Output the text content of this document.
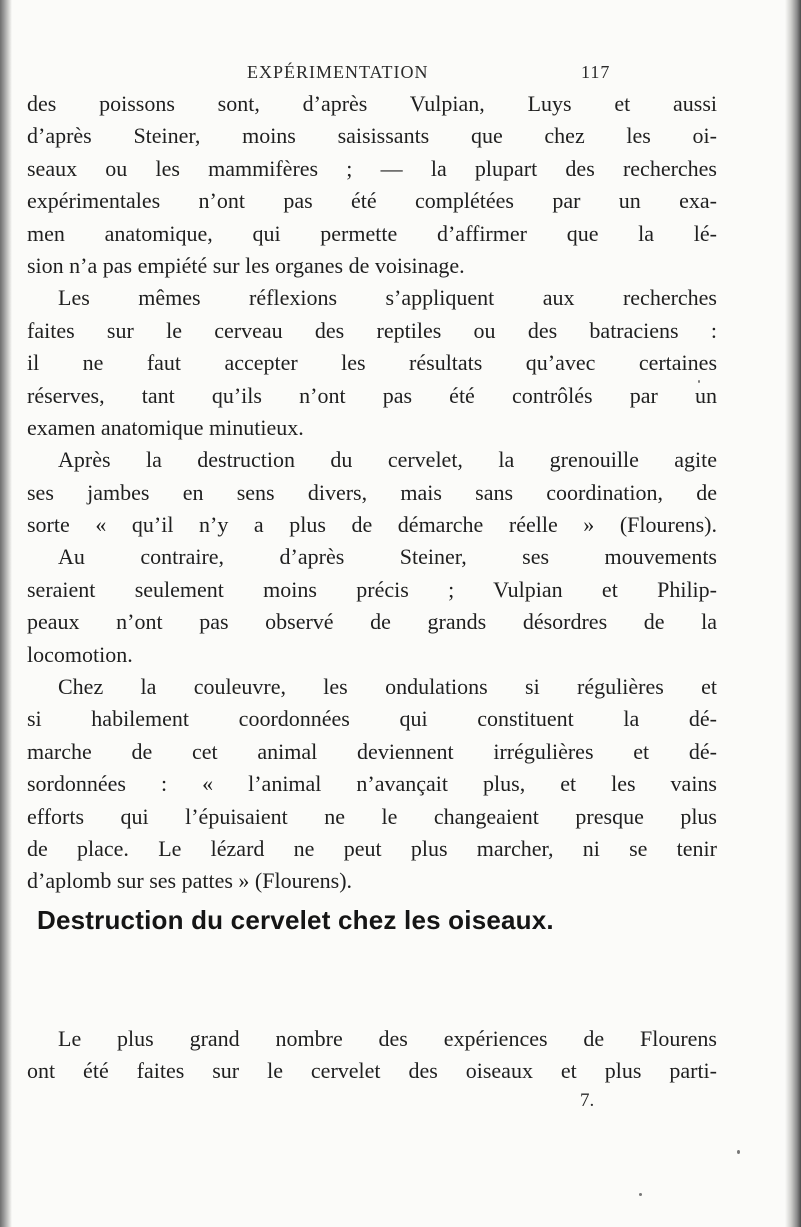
EXPÉRIMENTATION	117
des poissons sont, d’après Vulpian, Luys et aussi
d’après Steiner, moins saisissants que chez les oi-
seaux ou les mammifères ; — la plupart des recherches
expérimentales n’ont pas été complétées par un exa-
men anatomique, qui permette d’affirmer que la lé-
sion n’a pas empiété sur les organes de voisinage.
Les mêmes réflexions s’appliquent aux recherches
faites sur le cerveau des reptiles ou des batraciens :
il ne faut accepter les résultats qu’avec certaines
réserves, tant qu’ils n’ont pas été contrôlés par un
examen anatomique minutieux.
Après la destruction du cervelet, la grenouille agite
ses jambes en sens divers, mais sans coordination, de
sorte « qu’il n’y a plus de démarche réelle » (Flourens).
Au contraire, d’après Steiner, ses mouvements
seraient seulement moins précis ; Vulpian et Philip-
peaux n’ont pas observé de grands désordres de la
locomotion.
Chez la couleuvre, les ondulations si régulières et
si habilement coordonnées qui constituent la dé-
marche de cet animal deviennent irrégulières et dé-
sordonnées : « l’animal n’avançait plus, et les vains
efforts qui l’épuisaient ne le changeaient presque plus
de place. Le lézard ne peut plus marcher, ni se tenir
d’aplomb sur ses pattes » (Flourens).
Destruction du cervelet chez les oiseaux.
Le plus grand nombre des expériences de Flourens
ont été faites sur le cervelet des oiseaux et plus parti-
7.
